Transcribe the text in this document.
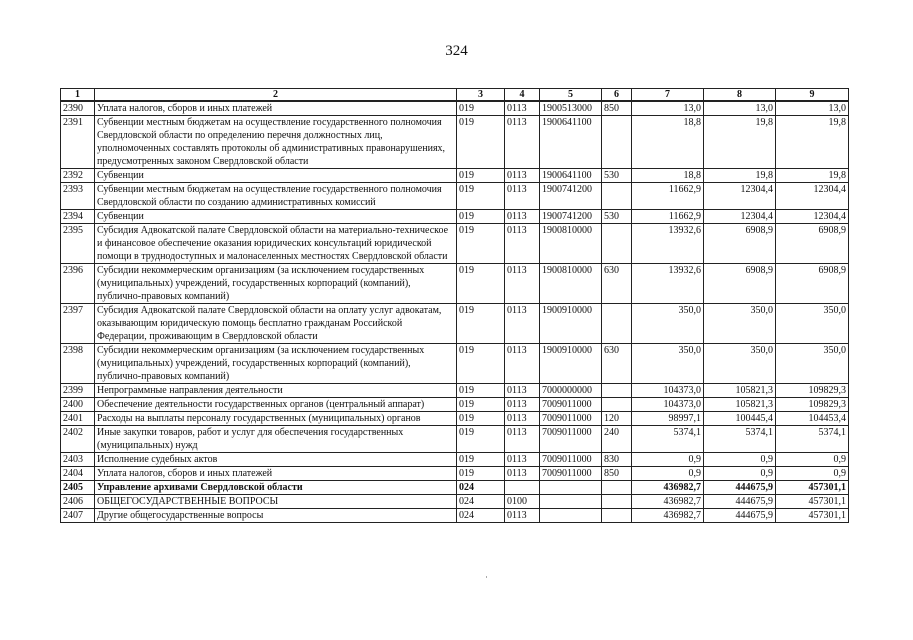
324
1	2	3	4	5	6	7	8	9
2390	Уплата налогов, сборов и иных платежей	019	0113	1900513000	850	13,0	13,0	13,0
2391	Субвенции местным бюджетам на осуществление государственного полномочия Свердловской области по определению перечня должностных лиц, уполномоченных составлять протоколы об административных правонарушениях, предусмотренных законом Свердловской области	019	0113	1900641100		18,8	19,8	19,8
2392	Субвенции	019	0113	1900641100	530	18,8	19,8	19,8
2393	Субвенции местным бюджетам на осуществление государственного полномочия Свердловской области по созданию административных комиссий	019	0113	1900741200		11662,9	12304,4	12304,4
2394	Субвенции	019	0113	1900741200	530	11662,9	12304,4	12304,4
2395	Субсидия Адвокатской палате Свердловской области на материально-техническое и финансовое обеспечение оказания юридических консультаций юридической помощи в труднодоступных и малонаселенных местностях Свердловской области	019	0113	1900810000		13932,6	6908,9	6908,9
2396	Субсидии некоммерческим организациям (за исключением государственных (муниципальных) учреждений, государственных корпораций (компаний), публично-правовых компаний)	019	0113	1900810000	630	13932,6	6908,9	6908,9
2397	Субсидия Адвокатской палате Свердловской области на оплату услуг адвокатам, оказывающим юридическую помощь бесплатно гражданам Российской Федерации, проживающим в Свердловской области	019	0113	1900910000		350,0	350,0	350,0
2398	Субсидии некоммерческим организациям (за исключением государственных (муниципальных) учреждений, государственных корпораций (компаний), публично-правовых компаний)	019	0113	1900910000	630	350,0	350,0	350,0
2399	Непрограммные направления деятельности	019	0113	7000000000		104373,0	105821,3	109829,3
2400	Обеспечение деятельности государственных органов (центральный аппарат)	019	0113	7009011000		104373,0	105821,3	109829,3
2401	Расходы на выплаты персоналу государственных (муниципальных) органов	019	0113	7009011000	120	98997,1	100445,4	104453,4
2402	Иные закупки товаров, работ и услуг для обеспечения государственных (муниципальных) нужд	019	0113	7009011000	240	5374,1	5374,1	5374,1
2403	Исполнение судебных актов	019	0113	7009011000	830	0,9	0,9	0,9
2404	Уплата налогов, сборов и иных платежей	019	0113	7009011000	850	0,9	0,9	0,9
2405	Управление архивами Свердловской области	024				436982,7	444675,9	457301,1
2406	ОБЩЕГОСУДАРСТВЕННЫЕ ВОПРОСЫ	024	0100			436982,7	444675,9	457301,1
2407	Другие общегосударственные вопросы	024	0113			436982,7	444675,9	457301,1
